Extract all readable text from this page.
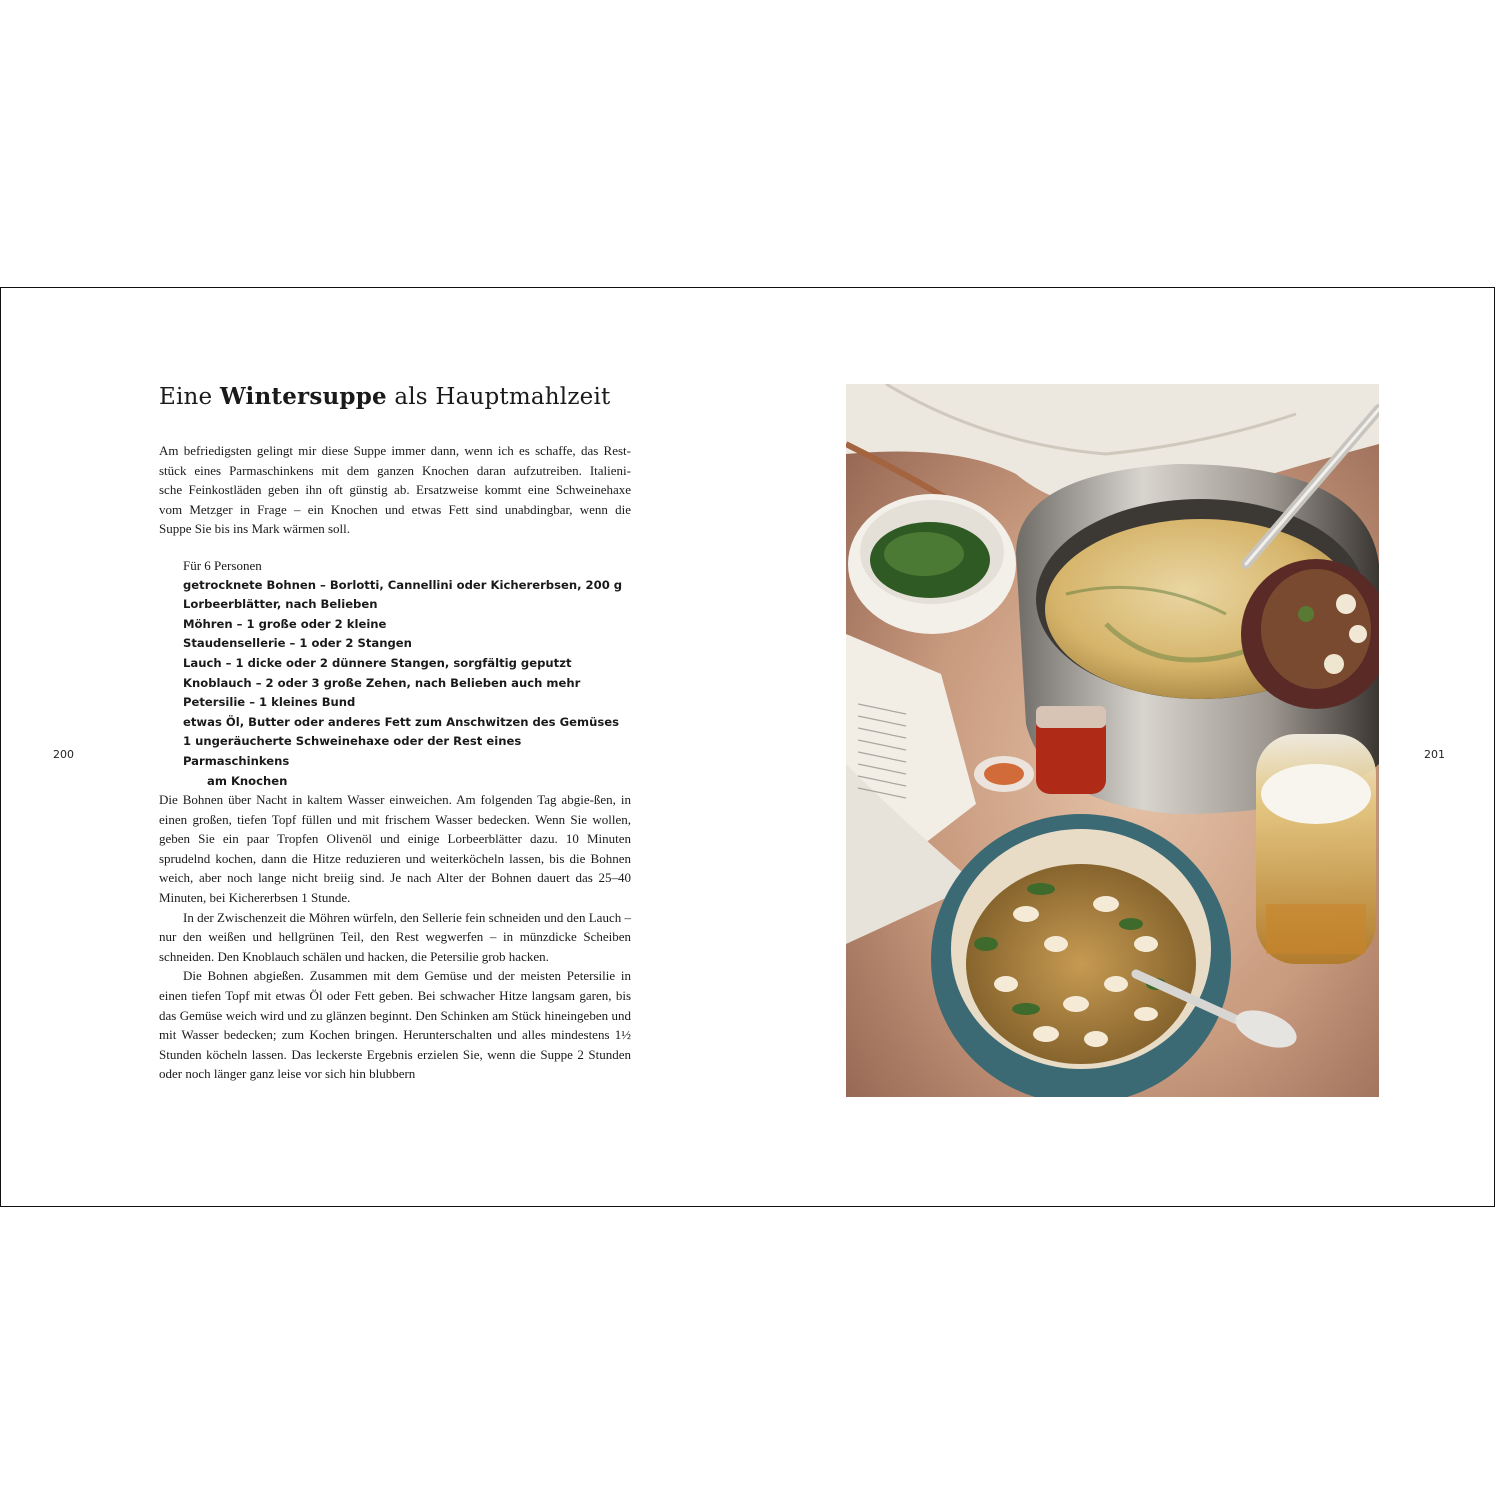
200	201
Eine Wintersuppe als Hauptmahlzeit

Am befriedigsten gelingt mir diese Suppe immer dann, wenn ich es schaffe, das Rest-
stück eines Parmaschinkens mit dem ganzen Knochen daran aufzutreiben. Italieni-
sche Feinkostläden geben ihn oft günstig ab. Ersatzweise kommt eine Schweinehaxe
vom Metzger in Frage – ein Knochen und etwas Fett sind unabdingbar, wenn die
Suppe Sie bis ins Mark wärmen soll.

Für 6 Personen
getrocknete Bohnen – Borlotti, Cannellini oder Kichererbsen, 200 g
Lorbeerblätter, nach Belieben
Möhren – 1 große oder 2 kleine
Staudensellerie – 1 oder 2 Stangen
Lauch – 1 dicke oder 2 dünnere Stangen, sorgfältig geputzt
Knoblauch – 2 oder 3 große Zehen, nach Belieben auch mehr
Petersilie – 1 kleines Bund
etwas Öl, Butter oder anderes Fett zum Anschwitzen des Gemüses
1 ungeräucherte Schweinehaxe oder der Rest eines Parmaschinkens
am Knochen

Die Bohnen über Nacht in kaltem Wasser einweichen. Am folgenden Tag abgie-ßen, in einen großen, tiefen Topf füllen und mit frischem Wasser bedecken. Wenn Sie wollen, geben Sie ein paar Tropfen Olivenöl und einige Lorbeerblätter dazu. 10 Minuten sprudelnd kochen, dann die Hitze reduzieren und weiterköcheln lassen, bis die Bohnen weich, aber noch lange nicht breiig sind. Je nach Alter der Bohnen dauert das 25–40 Minuten, bei Kichererbsen 1 Stunde.

In der Zwischenzeit die Möhren würfeln, den Sellerie fein schneiden und den Lauch – nur den weißen und hellgrünen Teil, den Rest wegwerfen – in münzdicke Scheiben schneiden. Den Knoblauch schälen und hacken, die Petersilie grob hacken.

Die Bohnen abgießen. Zusammen mit dem Gemüse und der meisten Petersilie in einen tiefen Topf mit etwas Öl oder Fett geben. Bei schwacher Hitze langsam garen, bis das Gemüse weich wird und zu glänzen beginnt. Den Schinken am Stück hineingeben und mit Wasser bedecken; zum Kochen bringen. Herunterschalten und alles mindestens 1½ Stunden köcheln lassen. Das leckerste Ergebnis erzielen Sie, wenn die Suppe 2 Stunden oder noch länger ganz leise vor sich hin blubbern
